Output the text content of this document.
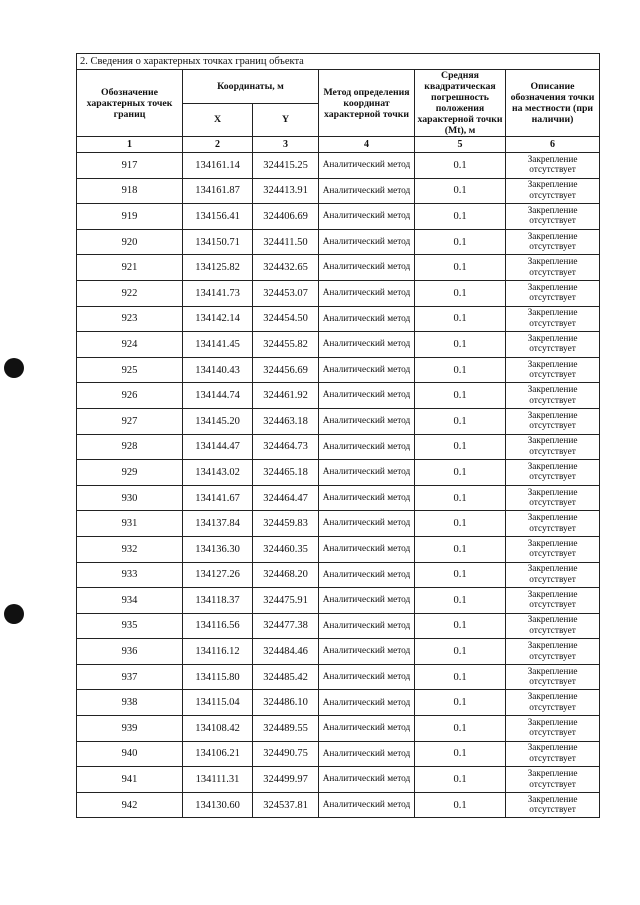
2. Сведения о характерных точках границ объекта					
Обозначение характерных точек границ	Координаты, м		Метод определения координат характерной точки	Средняя квадратическая погрешность положения характерной точки (Mt), м	Описание обозначения точки на местности (при наличии)
	X	Y			
1	2	3	4	5	6
917	134161.14	324415.25	Аналитический метод	0.1	Закрепление отсутствует
918	134161.87	324413.91	Аналитический метод	0.1	Закрепление отсутствует
919	134156.41	324406.69	Аналитический метод	0.1	Закрепление отсутствует
920	134150.71	324411.50	Аналитический метод	0.1	Закрепление отсутствует
921	134125.82	324432.65	Аналитический метод	0.1	Закрепление отсутствует
922	134141.73	324453.07	Аналитический метод	0.1	Закрепление отсутствует
923	134142.14	324454.50	Аналитический метод	0.1	Закрепление отсутствует
924	134141.45	324455.82	Аналитический метод	0.1	Закрепление отсутствует
925	134140.43	324456.69	Аналитический метод	0.1	Закрепление отсутствует
926	134144.74	324461.92	Аналитический метод	0.1	Закрепление отсутствует
927	134145.20	324463.18	Аналитический метод	0.1	Закрепление отсутствует
928	134144.47	324464.73	Аналитический метод	0.1	Закрепление отсутствует
929	134143.02	324465.18	Аналитический метод	0.1	Закрепление отсутствует
930	134141.67	324464.47	Аналитический метод	0.1	Закрепление отсутствует
931	134137.84	324459.83	Аналитический метод	0.1	Закрепление отсутствует
932	134136.30	324460.35	Аналитический метод	0.1	Закрепление отсутствует
933	134127.26	324468.20	Аналитический метод	0.1	Закрепление отсутствует
934	134118.37	324475.91	Аналитический метод	0.1	Закрепление отсутствует
935	134116.56	324477.38	Аналитический метод	0.1	Закрепление отсутствует
936	134116.12	324484.46	Аналитический метод	0.1	Закрепление отсутствует
937	134115.80	324485.42	Аналитический метод	0.1	Закрепление отсутствует
938	134115.04	324486.10	Аналитический метод	0.1	Закрепление отсутствует
939	134108.42	324489.55	Аналитический метод	0.1	Закрепление отсутствует
940	134106.21	324490.75	Аналитический метод	0.1	Закрепление отсутствует
941	134111.31	324499.97	Аналитический метод	0.1	Закрепление отсутствует
942	134130.60	324537.81	Аналитический метод	0.1	Закрепление отсутствует
